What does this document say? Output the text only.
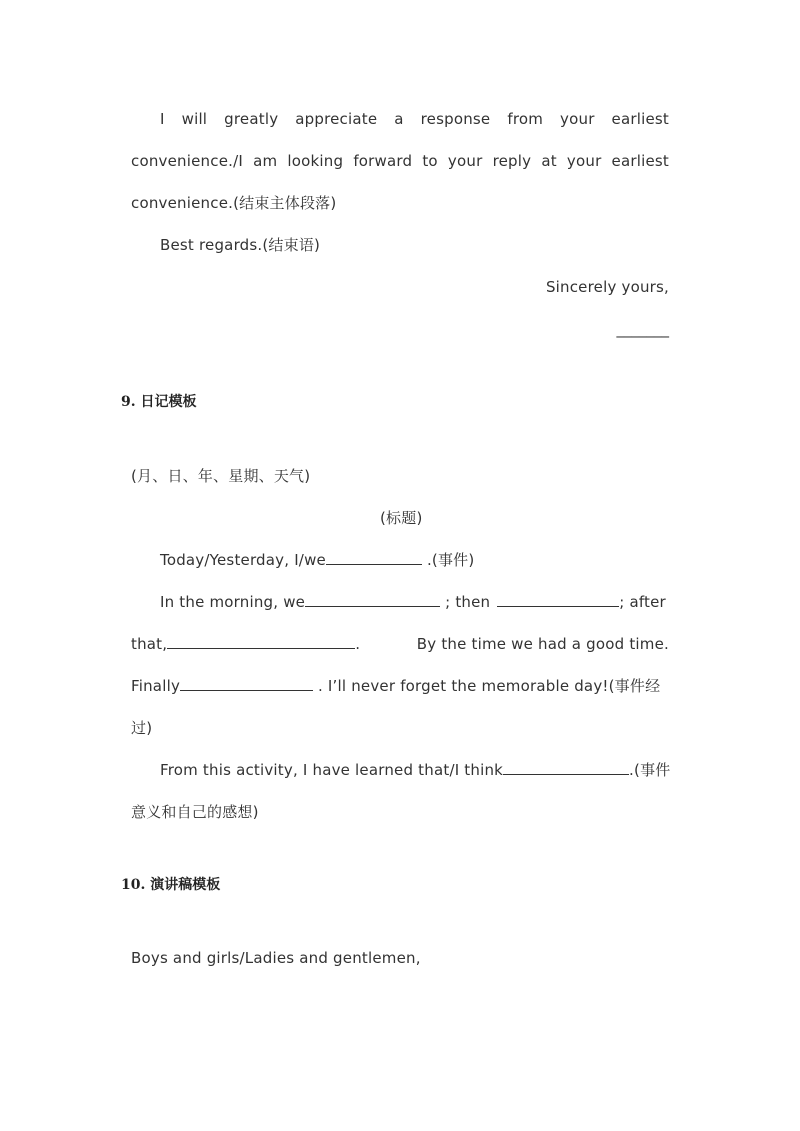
I will greatly appreciate a response from your earliest
convenience./I am looking forward to your reply at your earliest
convenience.(结束主体段落)
Best regards.(结束语)
Sincerely yours,
_______
9. 日记模板
(月、日、年、星期、天气)
(标题)
Today/Yesterday, I/we	.(事件)
In the morning, we	; then	; after
that,	.	By the time we had a good time.
Finally	. I’ll never forget the memorable day!(事件经
过)
From this activity, I have learned that/I think	.(事件
意义和自己的感想)
10. 演讲稿模板
Boys and girls/Ladies and gentlemen,
